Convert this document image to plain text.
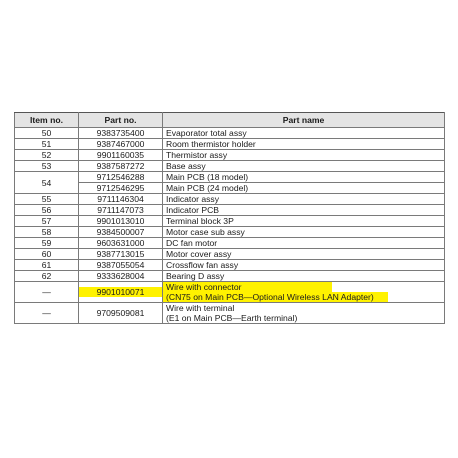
Item no.	Part no.	Part name
50	9383735400	Evaporator total assy

51	9387467000	Room thermistor holder

52	9901160035	Thermistor assy

53	9387587272	Base assy

54	9712546288	Main PCB (18 model)

	9712546295	Main PCB (24 model)

55	9711146304	Indicator assy

56	9711147073	Indicator PCB

57	9901013010	Terminal block 3P

58	9384500007	Motor case sub assy

59	9603631000	DC fan motor

60	9387713015	Motor cover assy

61	9387055054	Crossflow fan assy

62	9333628004	Bearing D assy

—	9901010071	Wire with connector
(CN75 on Main PCB—Optional Wireless LAN Adapter)

—	9709509081	Wire with terminal
(E1 on Main PCB—Earth terminal)
